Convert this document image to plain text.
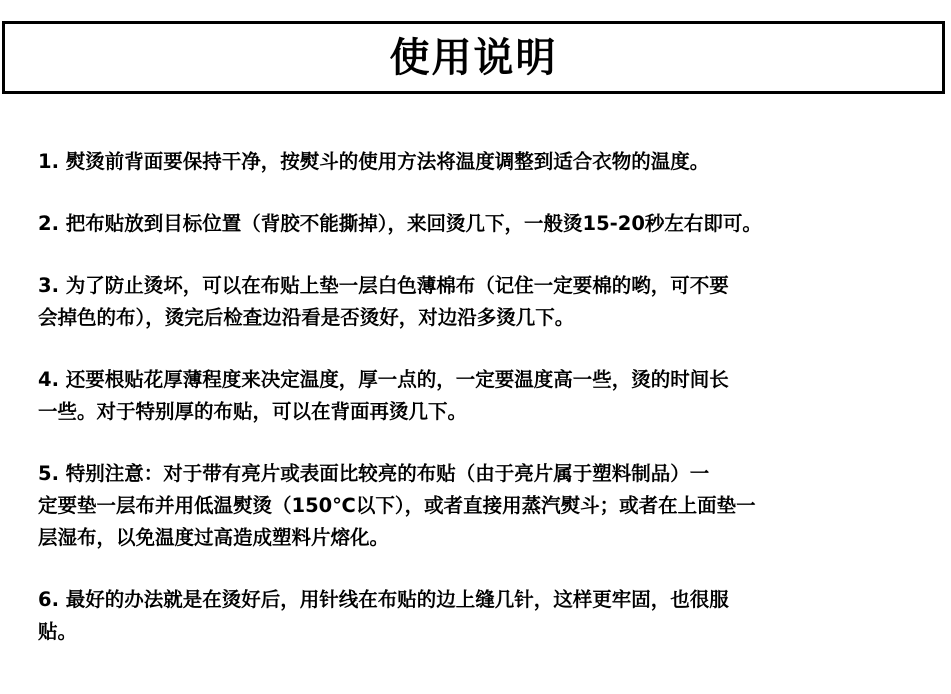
使用说明
1. 熨烫前背面要保持干净，按熨斗的使用方法将温度调整到适合衣物的温度。
2. 把布贴放到目标位置（背胶不能撕掉），来回烫几下，一般烫15-20秒左右即可。
3. 为了防止烫坏，可以在布贴上垫一层白色薄棉布（记住一定要棉的哟，可不要
会掉色的布），烫完后检查边沿看是否烫好，对边沿多烫几下。
4. 还要根贴花厚薄程度来决定温度，厚一点的，一定要温度高一些，烫的时间长
一些。对于特别厚的布贴，可以在背面再烫几下。
5. 特别注意：对于带有亮片或表面比较亮的布贴（由于亮片属于塑料制品）一
定要垫一层布并用低温熨烫（150℃以下），或者直接用蒸汽熨斗；或者在上面垫一
层湿布，以免温度过高造成塑料片熔化。
6. 最好的办法就是在烫好后，用针线在布贴的边上缝几针，这样更牢固，也很服
贴。
